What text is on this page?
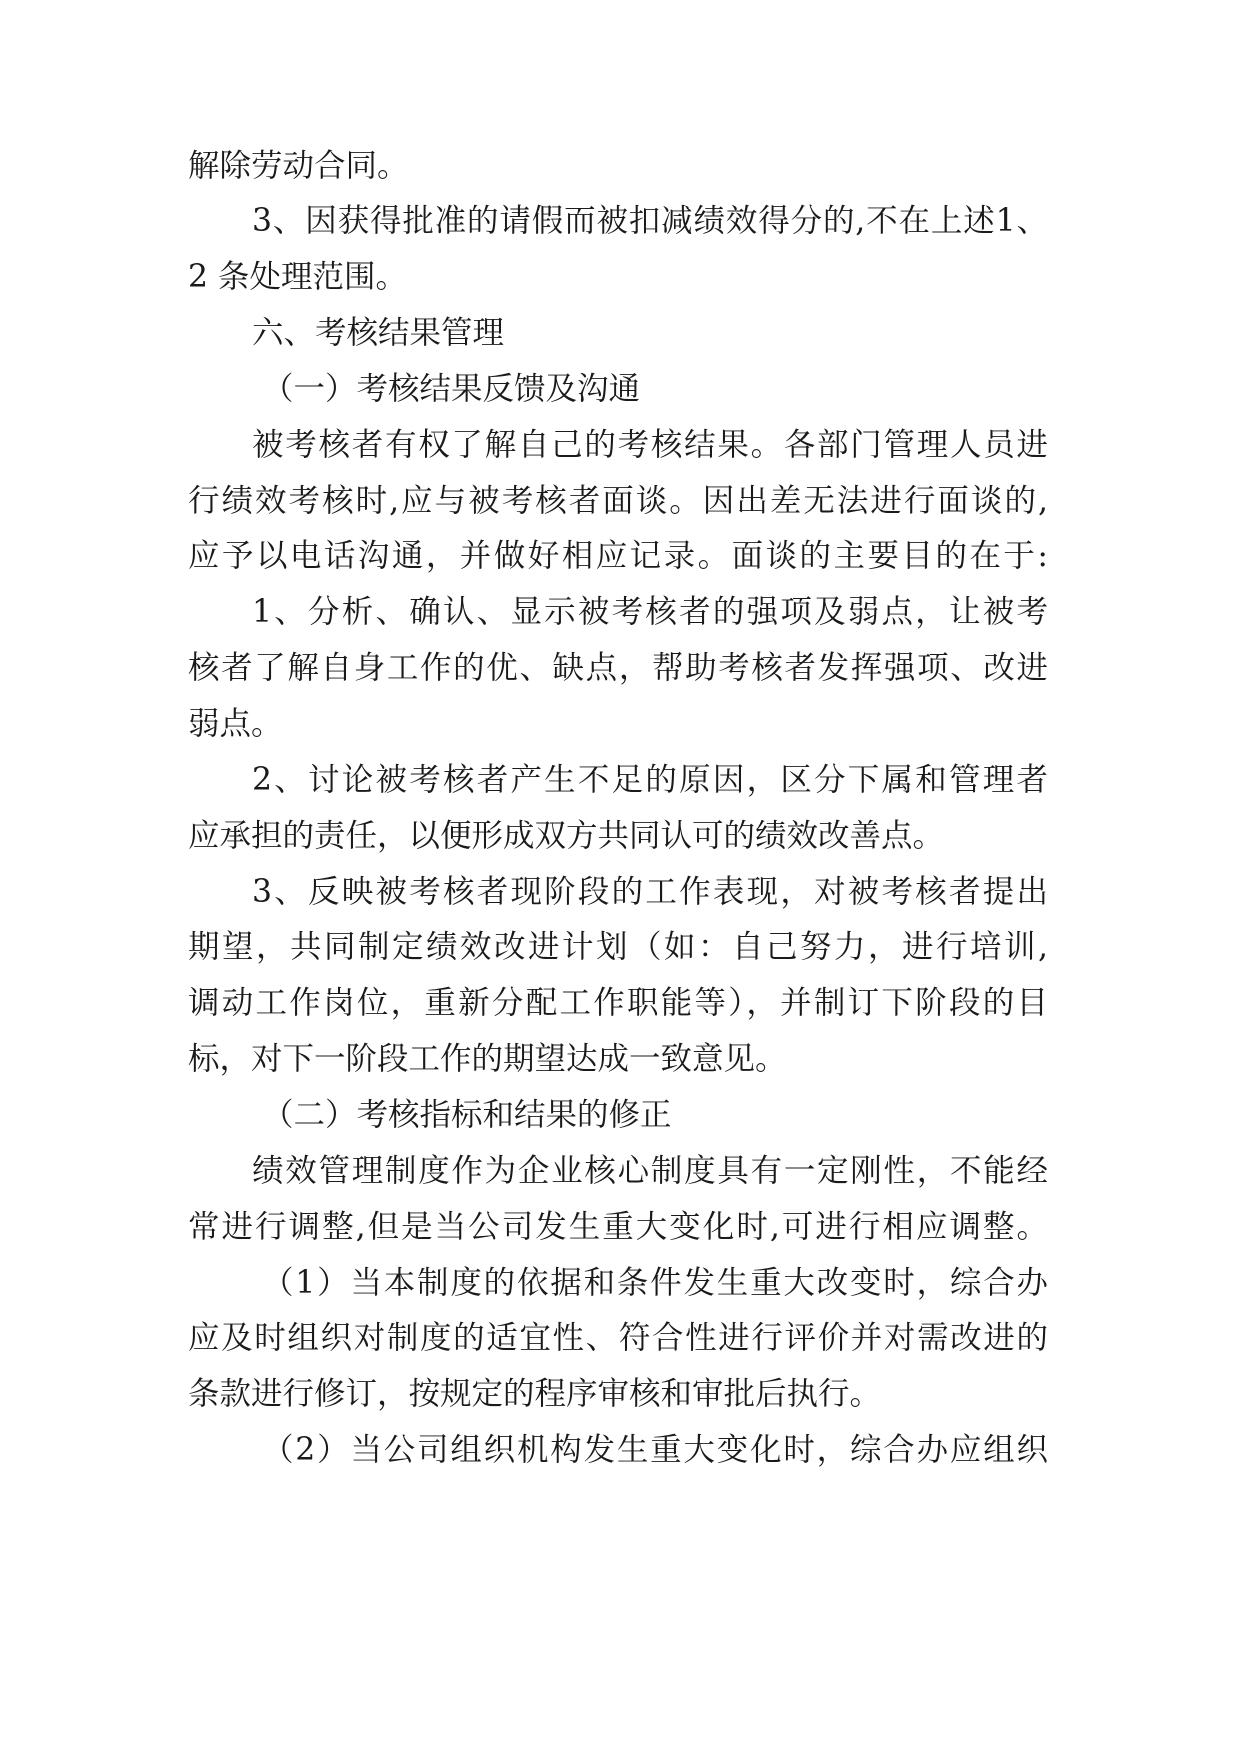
解除劳动合同。
3、因获得批准的请假而被扣减绩效得分的,不在上述1、
2 条处理范围。
六、考核结果管理
（一）考核结果反馈及沟通
被考核者有权了解自己的考核结果。各部门管理人员进
行绩效考核时,应与被考核者面谈。因出差无法进行面谈的,
应予以电话沟通，并做好相应记录。面谈的主要目的在于:
1、分析、确认、显示被考核者的强项及弱点，让被考
核者了解自身工作的优、缺点，帮助考核者发挥强项、改进
弱点。
2、讨论被考核者产生不足的原因，区分下属和管理者
应承担的责任，以便形成双方共同认可的绩效改善点。
3、反映被考核者现阶段的工作表现，对被考核者提出
期望，共同制定绩效改进计划（如：自己努力，进行培训,
调动工作岗位，重新分配工作职能等），并制订下阶段的目
标，对下一阶段工作的期望达成一致意见。
（二）考核指标和结果的修正
绩效管理制度作为企业核心制度具有一定刚性，不能经
常进行调整,但是当公司发生重大变化时,可进行相应调整。
（1）当本制度的依据和条件发生重大改变时，综合办
应及时组织对制度的适宜性、符合性进行评价并对需改进的
条款进行修订，按规定的程序审核和审批后执行。
（2）当公司组织机构发生重大变化时，综合办应组织
